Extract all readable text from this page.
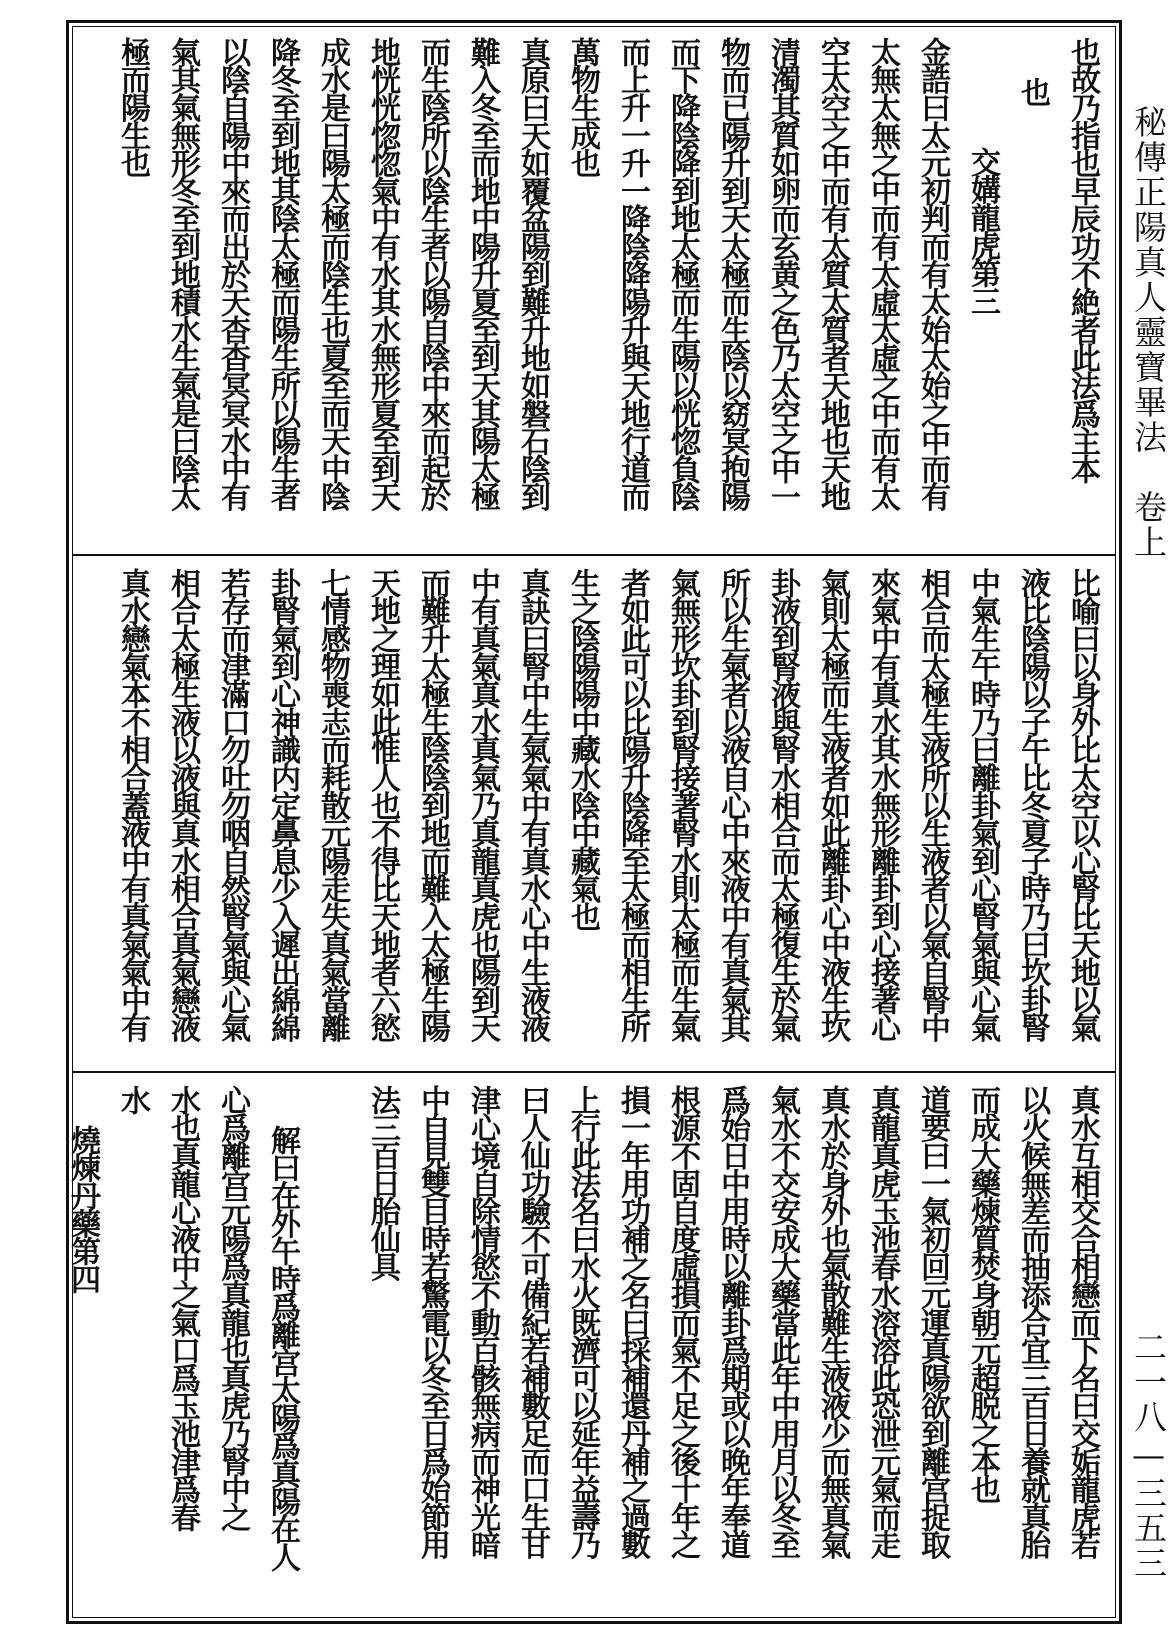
秘傳正陽真人靈寶畢法　卷上
二一八—三五三
也故乃指也早辰功不絶者此法爲主本
也
交媾龍虎第三
金誥曰太元初判而有太始太始之中而有
太無太無之中而有太虛太虛之中而有太
空太空之中而有太質太質者天地也天地
清濁其質如卵而玄黄之色乃太空之中一
物而已陽升到天太極而生陰以窈冥抱陽
而下降陰降到地太極而生陽以恍惚負陰
而上升一升一降陰降陽升與天地行道而
萬物生成也
真原曰天如覆盆陽到難升地如磐石陰到
難入冬至而地中陽升夏至到天其陽太極
而生陰所以陰生者以陽自陰中來而起於
地恍恍惚惚氣中有水其水無形夏至到天
成水是曰陽太極而陰生也夏至而天中陰
降冬至到地其陰太極而陽生所以陽生者
以陰自陽中來而出於天杳杳冥冥水中有
氣其氣無形冬至到地積水生氣是曰陰太
極而陽生也
比喻曰以身外比太空以心腎比天地以氣
液比陰陽以子午比冬夏子時乃曰坎卦腎
中氣生午時乃曰離卦氣到心腎氣與心氣
相合而太極生液所以生液者以氣自腎中
來氣中有真水其水無形離卦到心接著心
氣則太極而生液者如此離卦心中液生坎
卦液到腎液與腎水相合而太極復生於氣
所以生氣者以液自心中來液中有真氣其
氣無形坎卦到腎接著腎水則太極而生氣
者如此可以比陽升陰降至太極而相生所
生之陰陽陽中藏水陰中藏氣也
真訣曰腎中生氣氣中有真水心中生液液
中有真氣真水真氣乃真龍真虎也陽到天
而難升太極生陰陰到地而難入太極生陽
天地之理如此惟人也不得比天地者六慾
七情感物喪志而耗散元陽走失真氣當離
卦腎氣到心神識内定鼻息少入遲出綿綿
若存而津滿口勿吐勿咽自然腎氣與心氣
相合太極生液以液與真水相合真氣戀液
真水戀氣本不相合蓋液中有真氣氣中有
真水互相交合相戀而下名曰交姤龍虎若
以火候無差而抽添合宜三百日養就真胎
而成大藥煉質焚身朝元超脱之本也
道要曰一氣初回元運真陽欲到離宫捉取
真龍真虎玉池春水溶溶此恐泄元氣而走
真水於身外也氣散難生液液少而無真氣
氣水不交安成大藥當此年中用月以冬至
爲始日中用時以離卦爲期或以晚年奉道
根源不固自度虛損而氣不足之後十年之
損一年用功補之名曰採補還丹補之過數
上行此法名曰水火既濟可以延年益壽乃
曰人仙功驗不可備紀若補數足而口生甘
津心境自除情慾不動百骸無病而神光暗
中自見雙目時若驚電以冬至日爲始節用
法三百日胎仙具
解曰在外午時爲離宫太陽爲真陽在人
心爲離宫元陽爲真龍也真虎乃腎中之
水也真龍心液中之氣口爲玉池津爲春
水
燒煉丹藥第四
